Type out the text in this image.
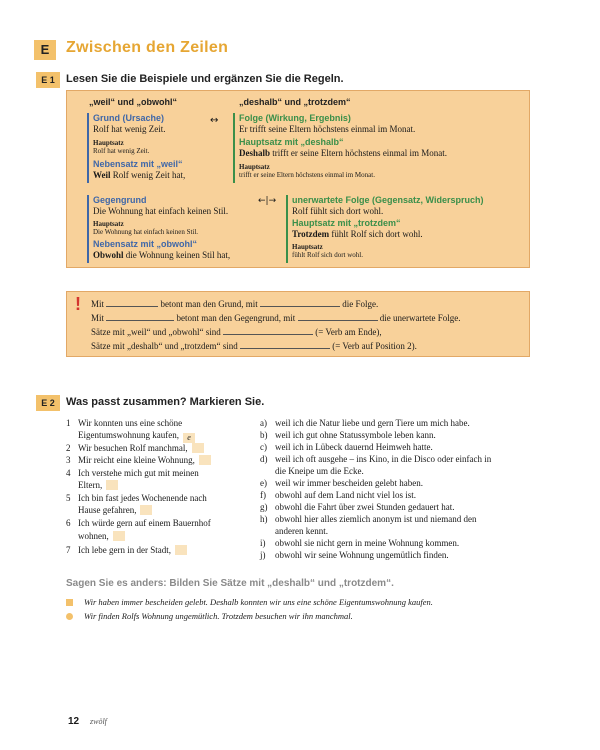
E	Zwischen den Zeilen
E 1	Lesen Sie die Beispiele und ergänzen Sie die Regeln.
„weil“ und „obwohl“	„deshalb“ und „trotzdem“
Grund (Ursache)
Rolf hat wenig Zeit.
Hauptsatz
Rolf hat wenig Zeit.
Nebensatz mit „weil“
Weil Rolf wenig Zeit hat,
↔ Folge (Wirkung, Ergebnis)
Er trifft seine Eltern höchstens einmal im Monat.
Hauptsatz mit „deshalb“
Deshalb trifft er seine Eltern höchstens einmal im Monat.
Hauptsatz
trifft er seine Eltern höchstens einmal im Monat.
Gegengrund
Die Wohnung hat einfach keinen Stil.
Hauptsatz
Die Wohnung hat einfach keinen Stil.
Nebensatz mit „obwohl“
Obwohl die Wohnung keinen Stil hat,
←|→ unerwartete Folge (Gegensatz, Widerspruch)
Rolf fühlt sich dort wohl.
Hauptsatz mit „trotzdem“
Trotzdem fühlt Rolf sich dort wohl.
Hauptsatz
fühlt Rolf sich dort wohl.
! Mit	betont man den Grund, mit	die Folge.
Mit	betont man den Gegengrund, mit	die unerwartete Folge.
Sätze mit „weil“ und „obwohl“ sind	(= Verb am Ende),
Sätze mit „deshalb“ und „trotzdem“ sind	(= Verb auf Position 2).
E 2	Was passt zusammen? Markieren Sie.
1 Wir konnten uns eine schöne
Eigentumswohnung kaufen, e
2 Wir besuchen Rolf manchmal,
3 Mir reicht eine kleine Wohnung,
4 Ich verstehe mich gut mit meinen
Eltern,
5 Ich bin fast jedes Wochenende nach
Hause gefahren,
6 Ich würde gern auf einem Bauernhof
wohnen,
7 Ich lebe gern in der Stadt,
a) weil ich die Natur liebe und gern Tiere um mich habe.
b) weil ich gut ohne Statussymbole leben kann.
c) weil ich in Lübeck dauernd Heimweh hatte.
d) weil ich oft ausgehe – ins Kino, in die Disco oder einfach in
die Kneipe um die Ecke.
e) weil wir immer bescheiden gelebt haben.
f) obwohl auf dem Land nicht viel los ist.
g) obwohl die Fahrt über zwei Stunden gedauert hat.
h) obwohl hier alles ziemlich anonym ist und niemand den
anderen kennt.
i) obwohl sie nicht gern in meine Wohnung kommen.
j) obwohl wir seine Wohnung ungemütlich finden.
Sagen Sie es anders: Bilden Sie Sätze mit „deshalb“ und „trotzdem“.
Wir haben immer bescheiden gelebt. Deshalb konnten wir uns eine schöne Eigentumswohnung kaufen.
Wir finden Rolfs Wohnung ungemütlich. Trotzdem besuchen wir ihn manchmal.
12 zwölf
